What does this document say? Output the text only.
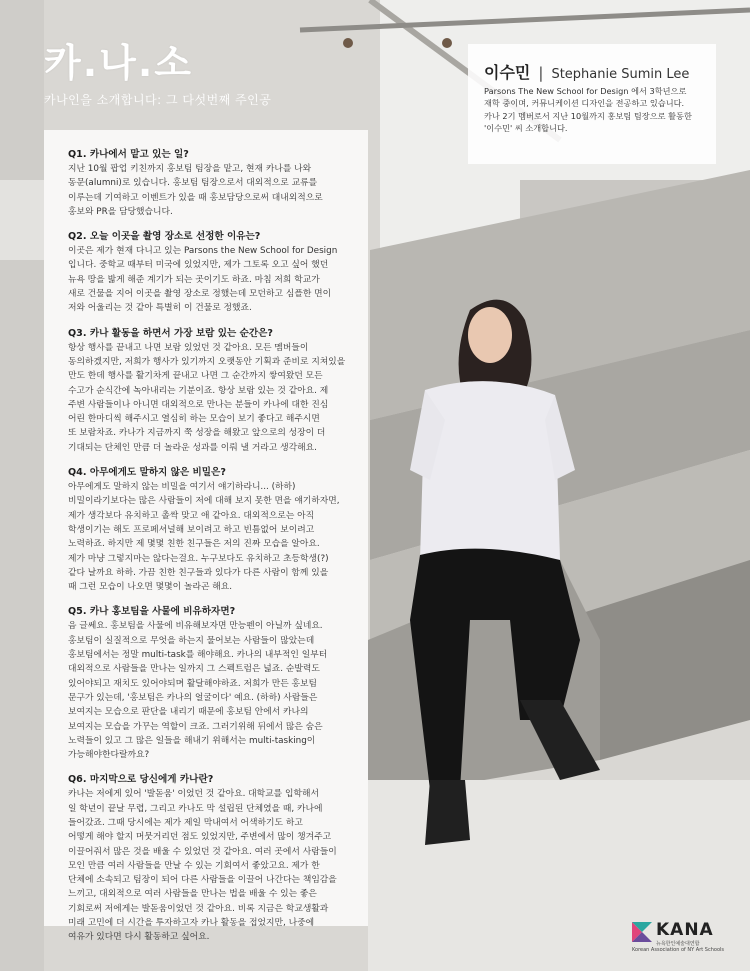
카.나.소
카나인을 소개합니다: 그 다섯번째 주인공
이수민 | Stephanie Sumin Lee
Parsons The New School for Design 에서 3학년으로
재학 중이며, 커뮤니케이션 디자인을 전공하고 있습니다.
카나 2기 멤버로서 지난 10월까지 홍보팀 팀장으로 활동한
'이수민' 씨 소개합니다.

Q1. 카나에서 맡고 있는 일?

지난 10월 팝업 키친까지 홍보팀 팀장을 맡고, 현재 카나를 나와
동문(alumni)로 있습니다. 홍보팀 팀장으로서 대외적으로 교류를
이루는데 기여하고 이벤트가 있을 때 홍보담당으로써 대내외적으로
홍보와 PR을 담당했습니다.

Q2. 오늘 이곳을 촬영 장소로 선정한 이유는?

이곳은 제가 현재 다니고 있는 Parsons the New School for Design
입니다. 중학교 때부터 미국에 있었지만, 제가 그토록 오고 싶어 했던
뉴욕 땅을 밟게 해준 계기가 되는 곳이기도 하죠. 마침 저희 학교가
새로 건물을 지어 이곳을 촬영 장소로 정했는데 모던하고 심플한 면이
저와 어울리는 것 같아 특별히 이 건물로 정했죠.

Q3. 카나 활동을 하면서 가장 보람 있는 순간은?

항상 행사를 끝내고 나면 보람 있었던 것 같아요. 모든 멤버들이
동의하겠지만, 저희가 행사가 있기까지 오랫동안 기획과 준비로 지쳐있을
만도 한데 행사를 활기차게 끝내고 나면 그 순간까지 쌓여왔던 모든
수고가 순식간에 녹아내리는 기분이죠. 항상 보람 있는 것 같아요. 제
주변 사람들이나 아니면 대외적으로 만나는 분들이 카나에 대한 진심
어린 한마디씩 해주시고 열심히 하는 모습이 보기 좋다고 해주시면
또 보람차죠. 카나가 지금까지 쭉 성장을 해왔고 앞으로의 성장이 더
기대되는 단체인 만큼 더 놀라운 성과를 이뤄 낼 거라고 생각해요.

Q4. 아무에게도 말하지 않은 비밀은?

아무에게도 말하지 않는 비밀을 여기서 얘기하라니... (하하)
비밀이라기보다는 많은 사람들이 저에 대해 보지 못한 면을 얘기하자면,
제가 생각보다 유치하고 촐싹 맞고 애 같아요. 대외적으로는 아직
학생이기는 해도 프로페셔널해 보이려고 하고 빈틈없어 보이려고
노력하죠. 하지만 제 몇몇 친한 친구들은 저의 진짜 모습을 알아요.
제가 마냥 그렇지마는 않다는걸요. 누구보다도 유치하고 초등학생(?)
같다 날까요 하하. 가끔 친한 친구들과 있다가 다른 사람이 함께 있을
때 그런 모습이 나오면 몇몇이 놀라곤 해요.

Q5. 카나 홍보팀을 사물에 비유하자면?

음 글쎄요. 홍보팀을 사물에 비유해보자면 만능펜이 아닐까 싶네요.
홍보팀이 실질적으로 무엇을 하는지 물어보는 사람들이 많았는데
홍보팀에서는 정말 multi-task를 해야해요. 카나의 내부적인 일부터
대외적으로 사람들을 만나는 일까지 그 스펙트럼은 넓죠. 순발력도
있어야되고 재치도 있어야되며 활달해야하죠. 저희가 만든 홍보팀
문구가 있는데, '홍보팀은 카나의 얼굴이다' 예요. (하하) 사람들은
보여지는 모습으로 판단을 내리기 때문에 홍보팀 안에서 카나의
보여지는 모습을 가꾸는 역할이 크죠. 그러기위해 뒤에서 많은 숨은
노력들이 있고 그 많은 일들을 해내기 위해서는 multi-tasking이
가능해야한다랄까요?

Q6. 마지막으로 당신에게 카나란?

카나는 저에게 있어 '발돋움' 이었던 것 같아요. 대학교를 입학해서
일 학년이 끝날 무렵, 그리고 카나도 막 설립된 단체였을 때, 카나에
들어갔죠. 그때 당시에는 제가 제일 막내여서 어색하기도 하고
어떻게 해야 할지 머뭇거리던 점도 있었지만, 주변에서 많이 챙겨주고
이끌어줘서 많은 것을 배울 수 있었던 것 같아요. 여러 곳에서 사람들이
모인 만큼 여러 사람들을 만날 수 있는 기회여서 좋았고요. 제가 한
단체에 소속되고 팀장이 되어 다른 사람들을 이끌어 나간다는 책임감을
느끼고, 대외적으로 여러 사람들을 만나는 법을 배울 수 있는 좋은
기회로써 저에게는 발돋움이었던 것 같아요. 비록 지금은 학교생활과
미래 고민에 더 시간을 투자하고자 카나 활동을 접었지만, 나중에
여유가 있다면 다시 활동하고 싶어요.	KANA
뉴욕한인예술대연합
Korean Association of NY Art Schools
